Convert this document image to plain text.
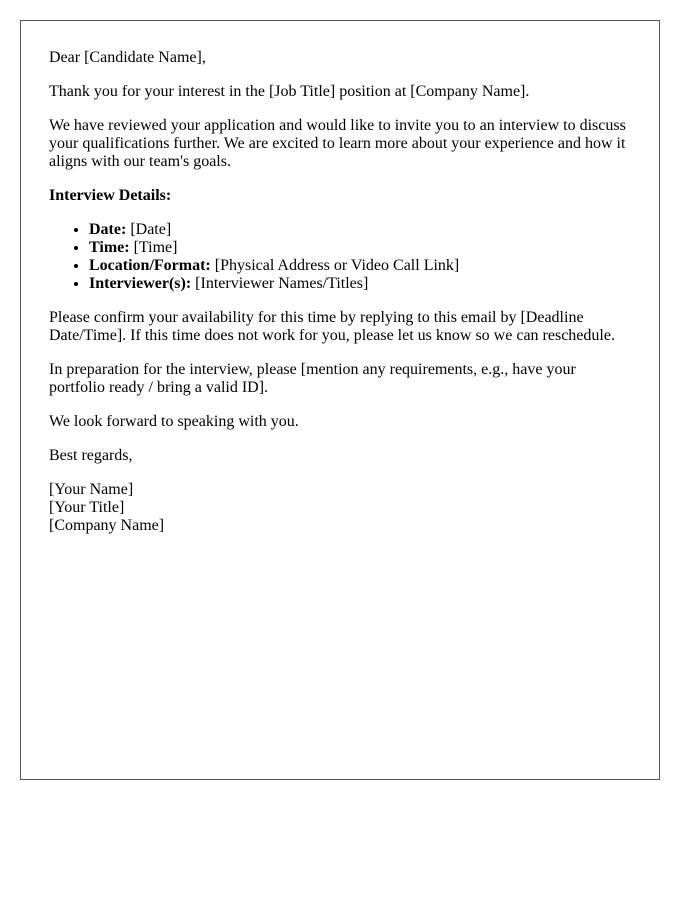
Dear [Candidate Name],

Thank you for your interest in the [Job Title] position at [Company Name].

We have reviewed your application and would like to invite you to an interview to discuss your qualifications further. We are excited to learn more about your experience and how it aligns with our team's goals.

Interview Details:

• Date: [Date]
• Time: [Time]
• Location/Format: [Physical Address or Video Call Link]
• Interviewer(s): [Interviewer Names/Titles]

Please confirm your availability for this time by replying to this email by [Deadline Date/Time]. If this time does not work for you, please let us know so we can reschedule.

In preparation for the interview, please [mention any requirements, e.g., have your portfolio ready / bring a valid ID].

We look forward to speaking with you.

Best regards,

[Your Name]
[Your Title]
[Company Name]
